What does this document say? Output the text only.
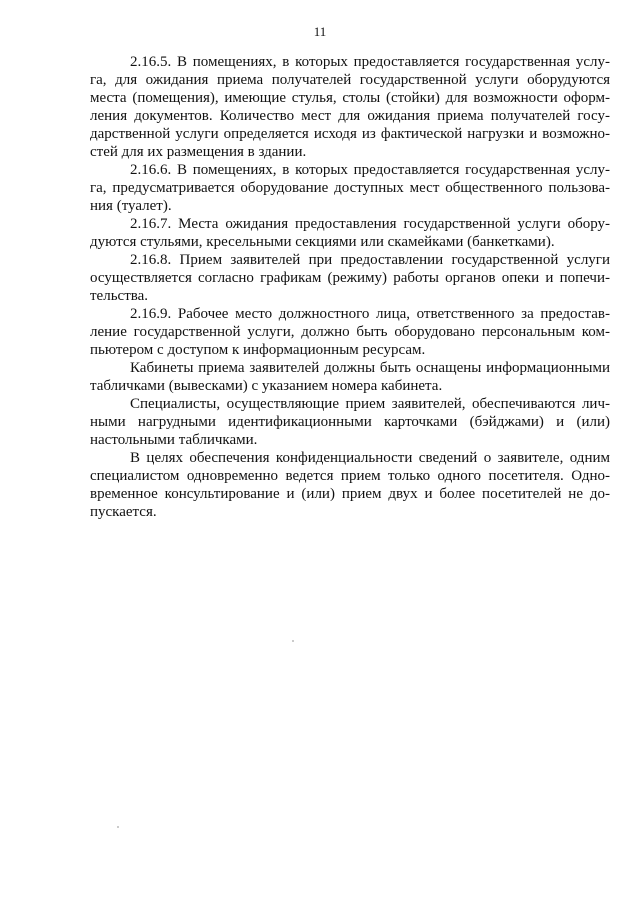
11

2.16.5. В помещениях, в которых предоставляется государственная услу-
га, для ожидания приема получателей государственной услуги оборудуются
места (помещения), имеющие стулья, столы (стойки) для возможности оформ-
ления документов. Количество мест для ожидания приема получателей госу-
дарственной услуги определяется исходя из фактической нагрузки и возможно-
стей для их размещения в здании.

2.16.6. В помещениях, в которых предоставляется государственная услу-
га, предусматривается оборудование доступных мест общественного пользова-
ния (туалет).

2.16.7. Места ожидания предоставления государственной услуги обору-
дуются стульями, кресельными секциями или скамейками (банкетками).

2.16.8. Прием заявителей при предоставлении государственной услуги
осуществляется согласно графикам (режиму) работы органов опеки и попечи-
тельства.

2.16.9. Рабочее место должностного лица, ответственного за предостав-
ление государственной услуги, должно быть оборудовано персональным ком-
пьютером с доступом к информационным ресурсам.

Кабинеты приема заявителей должны быть оснащены информационными
табличками (вывесками) с указанием номера кабинета.

Специалисты, осуществляющие прием заявителей, обеспечиваются лич-
ными нагрудными идентификационными карточками (бэйджами) и (или)
настольными табличками.

В целях обеспечения конфиденциальности сведений о заявителе, одним
специалистом одновременно ведется прием только одного посетителя. Одно-
временное консультирование и (или) прием двух и более посетителей не до-
пускается.
